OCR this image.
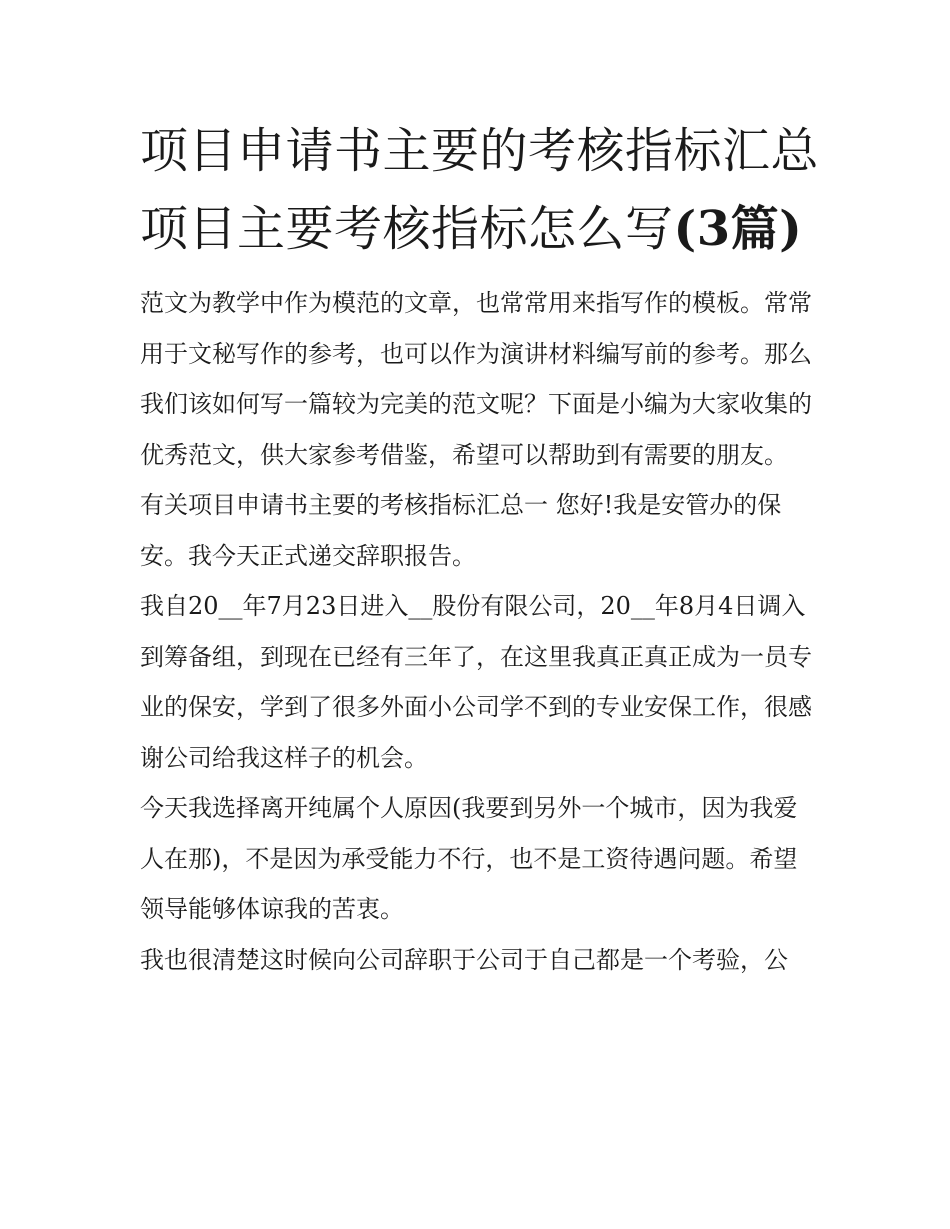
项目申请书主要的考核指标汇总 项目主要考核指标怎么写(3篇)

范文为教学中作为模范的文章，也常常用来指写作的模板。常常用于文秘写作的参考，也可以作为演讲材料编写前的参考。那么我们该如何写一篇较为完美的范文呢？下面是小编为大家收集的优秀范文，供大家参考借鉴，希望可以帮助到有需要的朋友。

有关项目申请书主要的考核指标汇总一 您好!我是安管办的保安。我今天正式递交辞职报告。

我自20__年7月23日进入__股份有限公司，20__年8月4日调入到筹备组，到现在已经有三年了，在这里我真正真正成为一员专业的保安，学到了很多外面小公司学不到的专业安保工作，很感谢公司给我这样子的机会。

今天我选择离开纯属个人原因(我要到另外一个城市，因为我爱人在那)，不是因为承受能力不行，也不是工资待遇问题。希望领导能够体谅我的苦衷。

我也很清楚这时候向公司辞职于公司于自己都是一个考验，公
